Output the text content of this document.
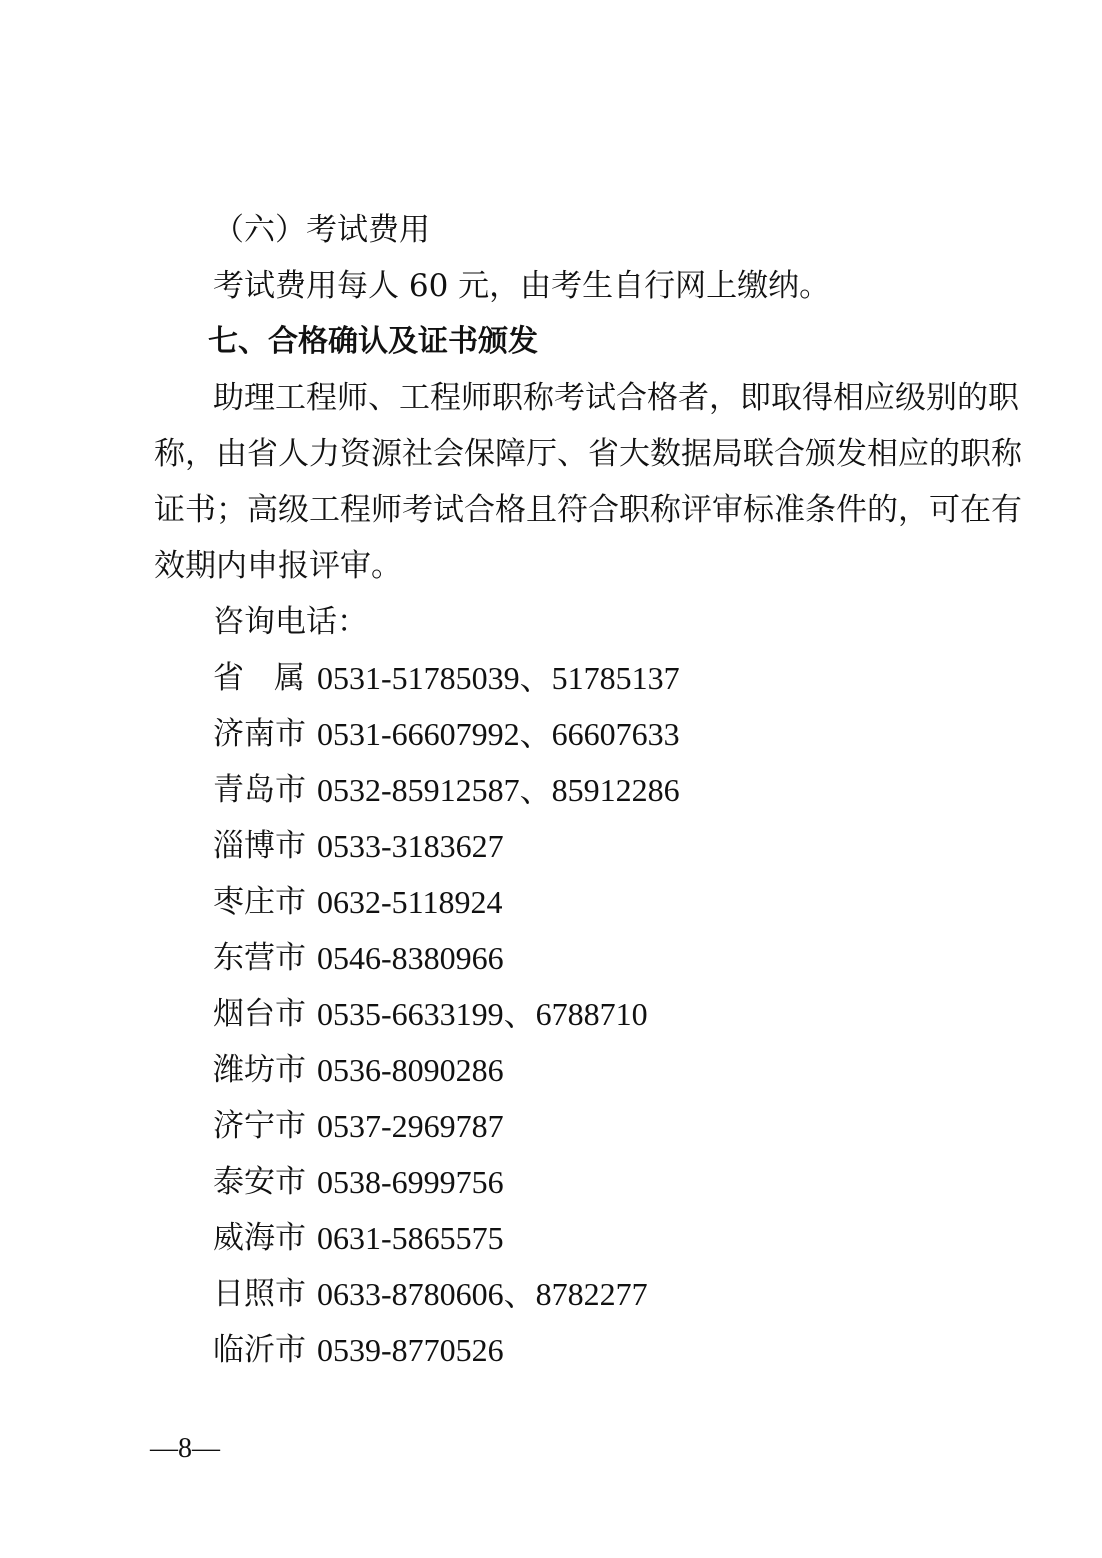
（六）考试费用
考试费用每人 60 元，由考生自行网上缴纳。
七、合格确认及证书颁发
助理工程师、工程师职称考试合格者，即取得相应级别的职
称，由省人力资源社会保障厅、省大数据局联合颁发相应的职称
证书；高级工程师考试合格且符合职称评审标准条件的，可在有
效期内申报评审。
咨询电话：
省属 0531-51785039、51785137
济南市 0531-66607992、66607633
青岛市 0532-85912587、85912286
淄博市 0533-3183627
枣庄市 0632-5118924
东营市 0546-8380966
烟台市 0535-6633199、6788710
潍坊市 0536-8090286
济宁市 0537-2969787
泰安市 0538-6999756
威海市 0631-5865575
日照市 0633-8780606、8782277
临沂市 0539-8770526
—8—
